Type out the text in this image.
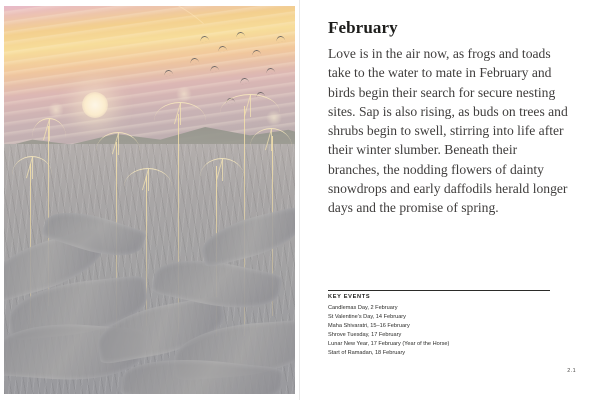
February

Love is in the air now, as frogs and toads take to the water to mate in February and birds begin their search for secure nesting sites. Sap is also rising, as buds on trees and shrubs begin to swell, stirring into life after their winter slumber. Beneath their branches, the nodding flowers of dainty snowdrops and early daffodils herald longer days and the promise of spring.

KEY EVENTS
Candlemas Day, 2 February
St Valentine's Day, 14 February
Maha Shivaratri, 15–16 February
Shrove Tuesday, 17 February
Lunar New Year, 17 February (Year of the Horse)
Start of Ramadan, 18 February
2.1
